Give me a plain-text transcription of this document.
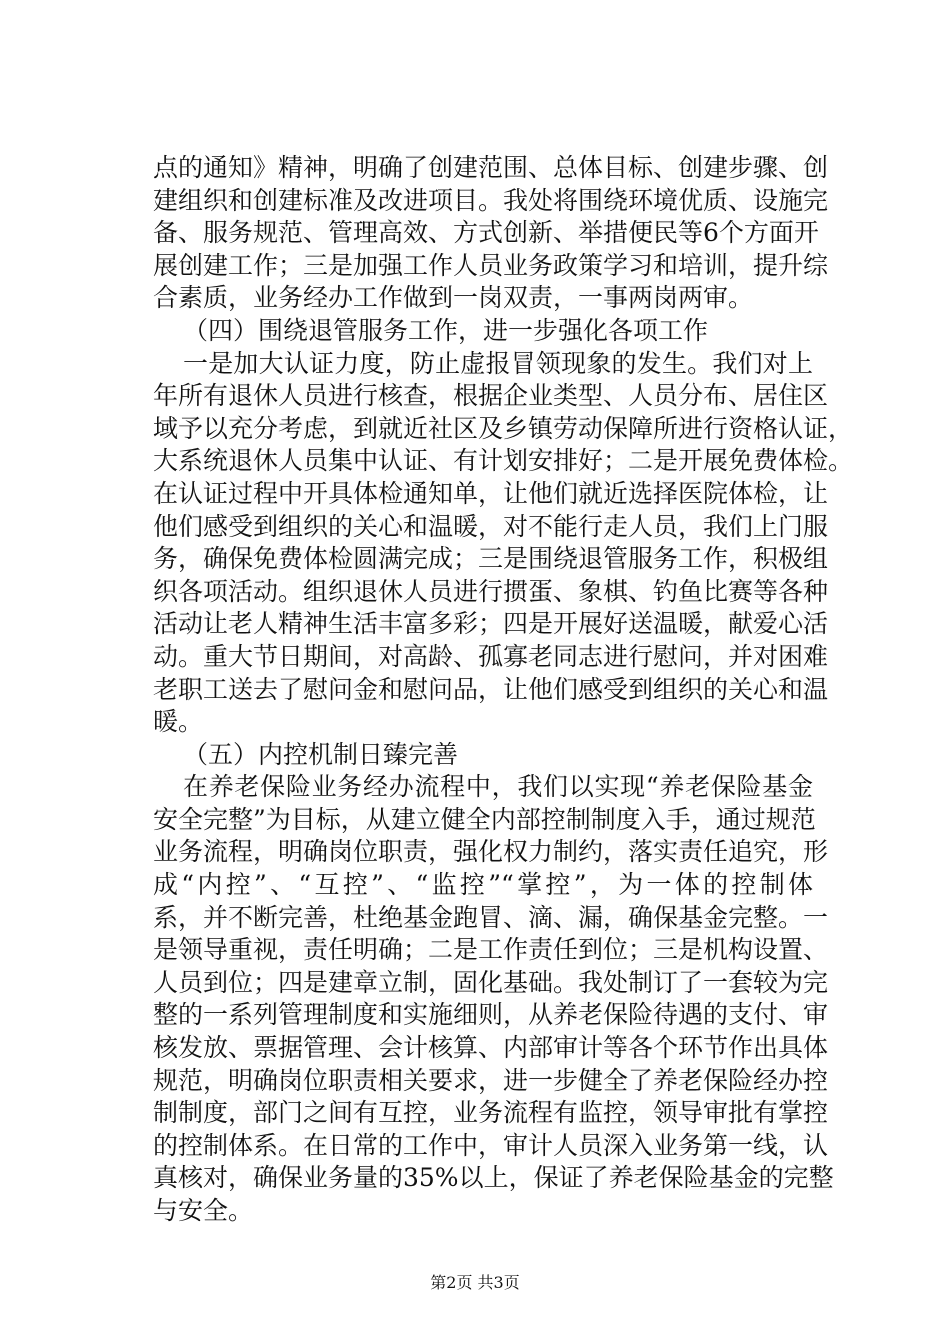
点的通知》精神，明确了创建范围、总体目标、创建步骤、创
建组织和创建标准及改进项目。我处将围绕环境优质、设施完
备、服务规范、管理高效、方式创新、举措便民等6个方面开
展创建工作；三是加强工作人员业务政策学习和培训，提升综
合素质，业务经办工作做到一岗双责，一事两岗两审。
（四）围绕退管服务工作，进一步强化各项工作
一是加大认证力度，防止虚报冒领现象的发生。我们对上
年所有退休人员进行核查，根据企业类型、人员分布、居住区
域予以充分考虑，到就近社区及乡镇劳动保障所进行资格认证，
大系统退休人员集中认证、有计划安排好；二是开展免费体检。
在认证过程中开具体检通知单，让他们就近选择医院体检，让
他们感受到组织的关心和温暖，对不能行走人员，我们上门服
务，确保免费体检圆满完成；三是围绕退管服务工作，积极组
织各项活动。组织退休人员进行掼蛋、象棋、钓鱼比赛等各种
活动让老人精神生活丰富多彩；四是开展好送温暖，献爱心活
动。重大节日期间，对高龄、孤寡老同志进行慰问，并对困难
老职工送去了慰问金和慰问品，让他们感受到组织的关心和温
暖。
（五）内控机制日臻完善
在养老保险业务经办流程中，我们以实现“养老保险基金
安全完整”为目标，从建立健全内部控制制度入手，通过规范
业务流程，明确岗位职责，强化权力制约，落实责任追究，形
成“内控”、“互控”、“监控”“掌控”，为一体的控制体
系，并不断完善，杜绝基金跑冒、滴、漏，确保基金完整。一
是领导重视，责任明确；二是工作责任到位；三是机构设置、
人员到位；四是建章立制，固化基础。我处制订了一套较为完
整的一系列管理制度和实施细则，从养老保险待遇的支付、审
核发放、票据管理、会计核算、内部审计等各个环节作出具体
规范，明确岗位职责相关要求，进一步健全了养老保险经办控
制制度，部门之间有互控，业务流程有监控，领导审批有掌控
的控制体系。在日常的工作中，审计人员深入业务第一线，认
真核对，确保业务量的35%以上，保证了养老保险基金的完整
与安全。
第2页 共3页
